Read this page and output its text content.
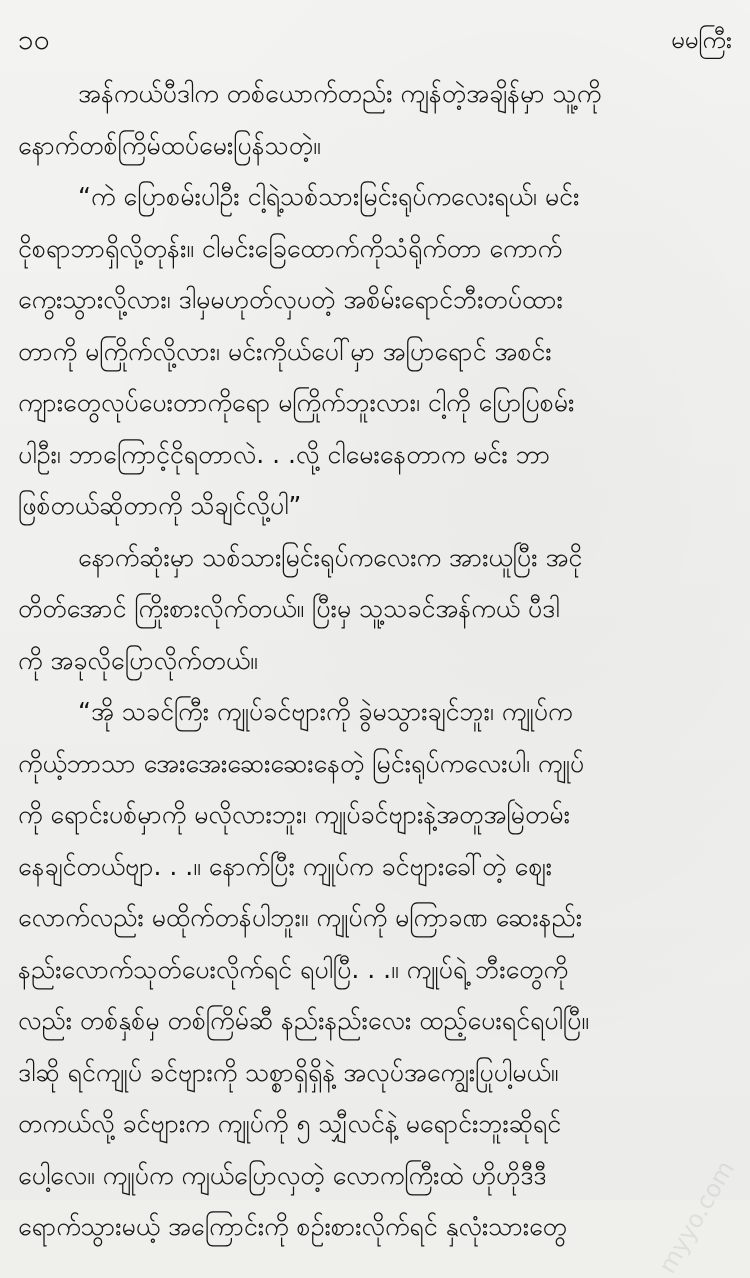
၁၀	မမကြီး
အန်ကယ်ပီဒါက တစ်ယောက်တည်း ကျန်တဲ့အချိန်မှာ သူ့ကို
နောက်တစ်ကြိမ်ထပ်မေးပြန်သတဲ့။
“ကဲ ပြောစမ်းပါဦး ငါ့ရဲ့သစ်သားမြင်းရုပ်ကလေးရယ်၊ မင်း
ငိုစရာဘာရှိလို့တုန်း။ ငါမင်းခြေထောက်ကိုသံရိုက်တာ ကောက်
ကွေးသွားလို့လား၊ ဒါမှမဟုတ်လှပတဲ့ အစိမ်းရောင်ဘီးတပ်ထား
တာကို မကြိုက်လို့လား၊ မင်းကိုယ်ပေါ်မှာ အပြာရောင် အစင်း
ကျားတွေလုပ်ပေးတာကိုရော မကြိုက်ဘူးလား၊ ငါ့ကို ပြောပြစမ်း
ပါဦး၊ ဘာကြောင့်ငိုရတာလဲ. . .လို့ ငါမေးနေတာက မင်း ဘာ
ဖြစ်တယ်ဆိုတာကို သိချင်လို့ပါ”
နောက်ဆုံးမှာ သစ်သားမြင်းရုပ်ကလေးက အားယူပြီး အငို
တိတ်အောင် ကြိုးစားလိုက်တယ်။ ပြီးမှ သူ့သခင်အန်ကယ် ပီဒါ
ကို အခုလိုပြောလိုက်တယ်။
“အို သခင်ကြီး ကျုပ်ခင်ဗျားကို ခွဲမသွားချင်ဘူး၊ ကျုပ်က
ကိုယ့်ဘာသာ အေးအေးဆေးဆေးနေတဲ့ မြင်းရုပ်ကလေးပါ၊ ကျုပ်
ကို ရောင်းပစ်မှာကို မလိုလားဘူး၊ ကျုပ်ခင်ဗျားနဲ့အတူအမြဲတမ်း
နေချင်တယ်ဗျာ. . .။ နောက်ပြီး ကျုပ်က ခင်ဗျားခေါ်တဲ့ ဈေး
လောက်လည်း မထိုက်တန်ပါဘူး။ ကျုပ်ကို မကြာခဏ ဆေးနည်း
နည်းလောက်သုတ်ပေးလိုက်ရင် ရပါပြီ. . .။ ကျုပ်ရဲ့ ဘီးတွေကို
လည်း တစ်နှစ်မှ တစ်ကြိမ်ဆီ နည်းနည်းလေး ထည့်ပေးရင်ရပါပြီ။
ဒါဆို ရင်ကျုပ် ခင်ဗျားကို သစ္စာရှိရှိနဲ့ အလုပ်အကျွေးပြုပါ့မယ်။
တကယ်လို့ ခင်ဗျားက ကျုပ်ကို ၅ သျှီလင်နဲ့ မရောင်းဘူးဆိုရင်
ပေါ့လေ။ ကျုပ်က ကျယ်ပြောလှတဲ့ လောကကြီးထဲ ဟိုဟိုဒီဒီ
ရောက်သွားမယ့် အကြောင်းကို စဉ်းစားလိုက်ရင် နှလုံးသားတွေ	myyo.com
